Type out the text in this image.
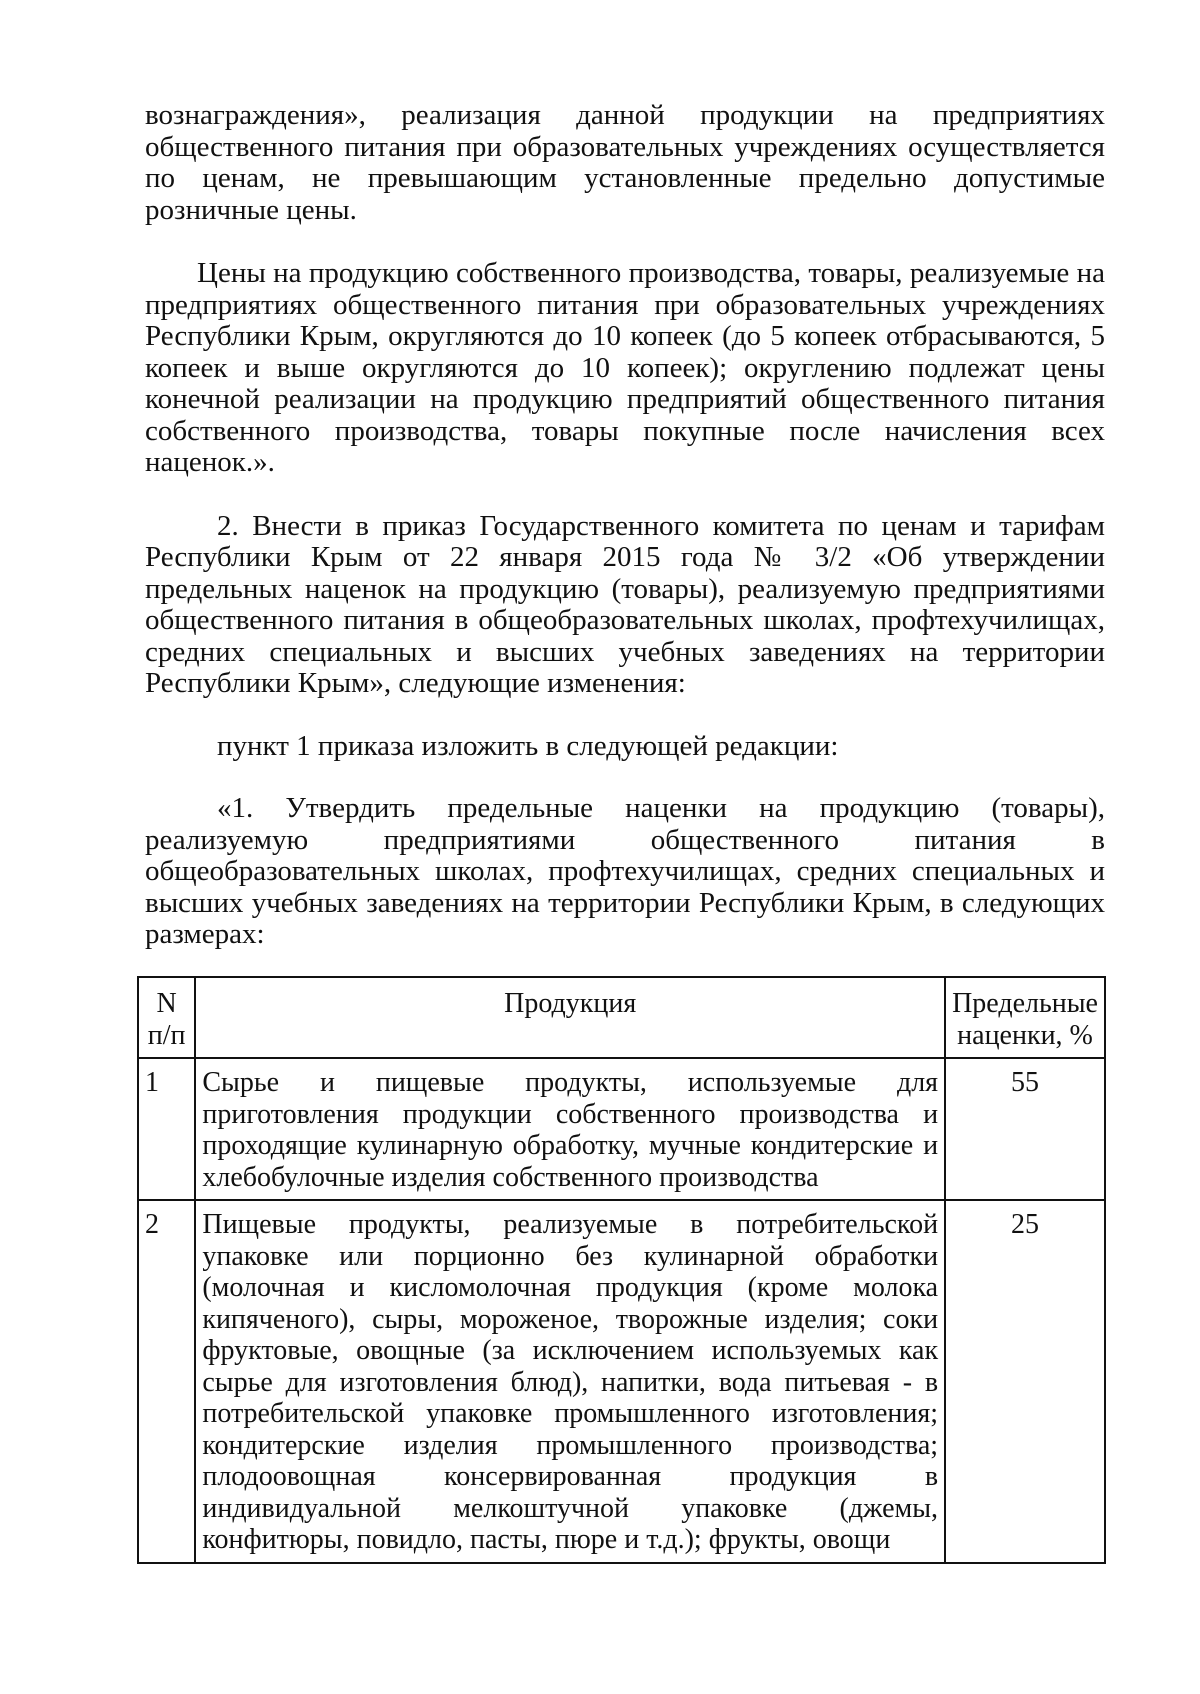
вознаграждения», реализация данной продукции на предприятиях общественного питания при образовательных учреждениях осуществляется по ценам, не превышающим установленные предельно допустимые розничные цены.

Цены на продукцию собственного производства, товары, реализуемые на предприятиях общественного питания при образовательных учреждениях Республики Крым, округляются до 10 копеек (до 5 копеек отбрасываются, 5 копеек и выше округляются до 10 копеек); округлению подлежат цены конечной реализации на продукцию предприятий общественного питания собственного производства, товары покупные после начисления всех наценок.».

2. Внести в приказ Государственного комитета по ценам и тарифам Республики Крым от 22 января 2015 года № 3/2 «Об утверждении предельных наценок на продукцию (товары), реализуемую предприятиями общественного питания в общеобразовательных школах, профтехучилищах, средних специальных и высших учебных заведениях на территории Республики Крым», следующие изменения:

пункт 1 приказа изложить в следующей редакции:

«1. Утвердить предельные наценки на продукцию (товары), реализуемую предприятиями общественного питания в общеобразовательных школах, профтехучилищах, средних специальных и высших учебных заведениях на территории Республики Крым, в следующих размерах:

N п/п	Продукция	Предельные наценки, %
1	Сырье и пищевые продукты, используемые для приготовления продукции собственного производства и проходящие кулинарную обработку, мучные кондитерские и хлебобулочные изделия собственного производства	55
2	Пищевые продукты, реализуемые в потребительской упаковке или порционно без кулинарной обработки (молочная и кисломолочная продукция (кроме молока кипяченого), сыры, мороженое, творожные изделия; соки фруктовые, овощные (за исключением используемых как сырье для изготовления блюд), напитки, вода питьевая - в потребительской упаковке промышленного изготовления; кондитерские изделия промышленного производства; плодоовощная консервированная продукция в индивидуальной мелкоштучной упаковке (джемы, конфитюры, повидло, пасты, пюре и т.д.); фрукты, овощи	25
